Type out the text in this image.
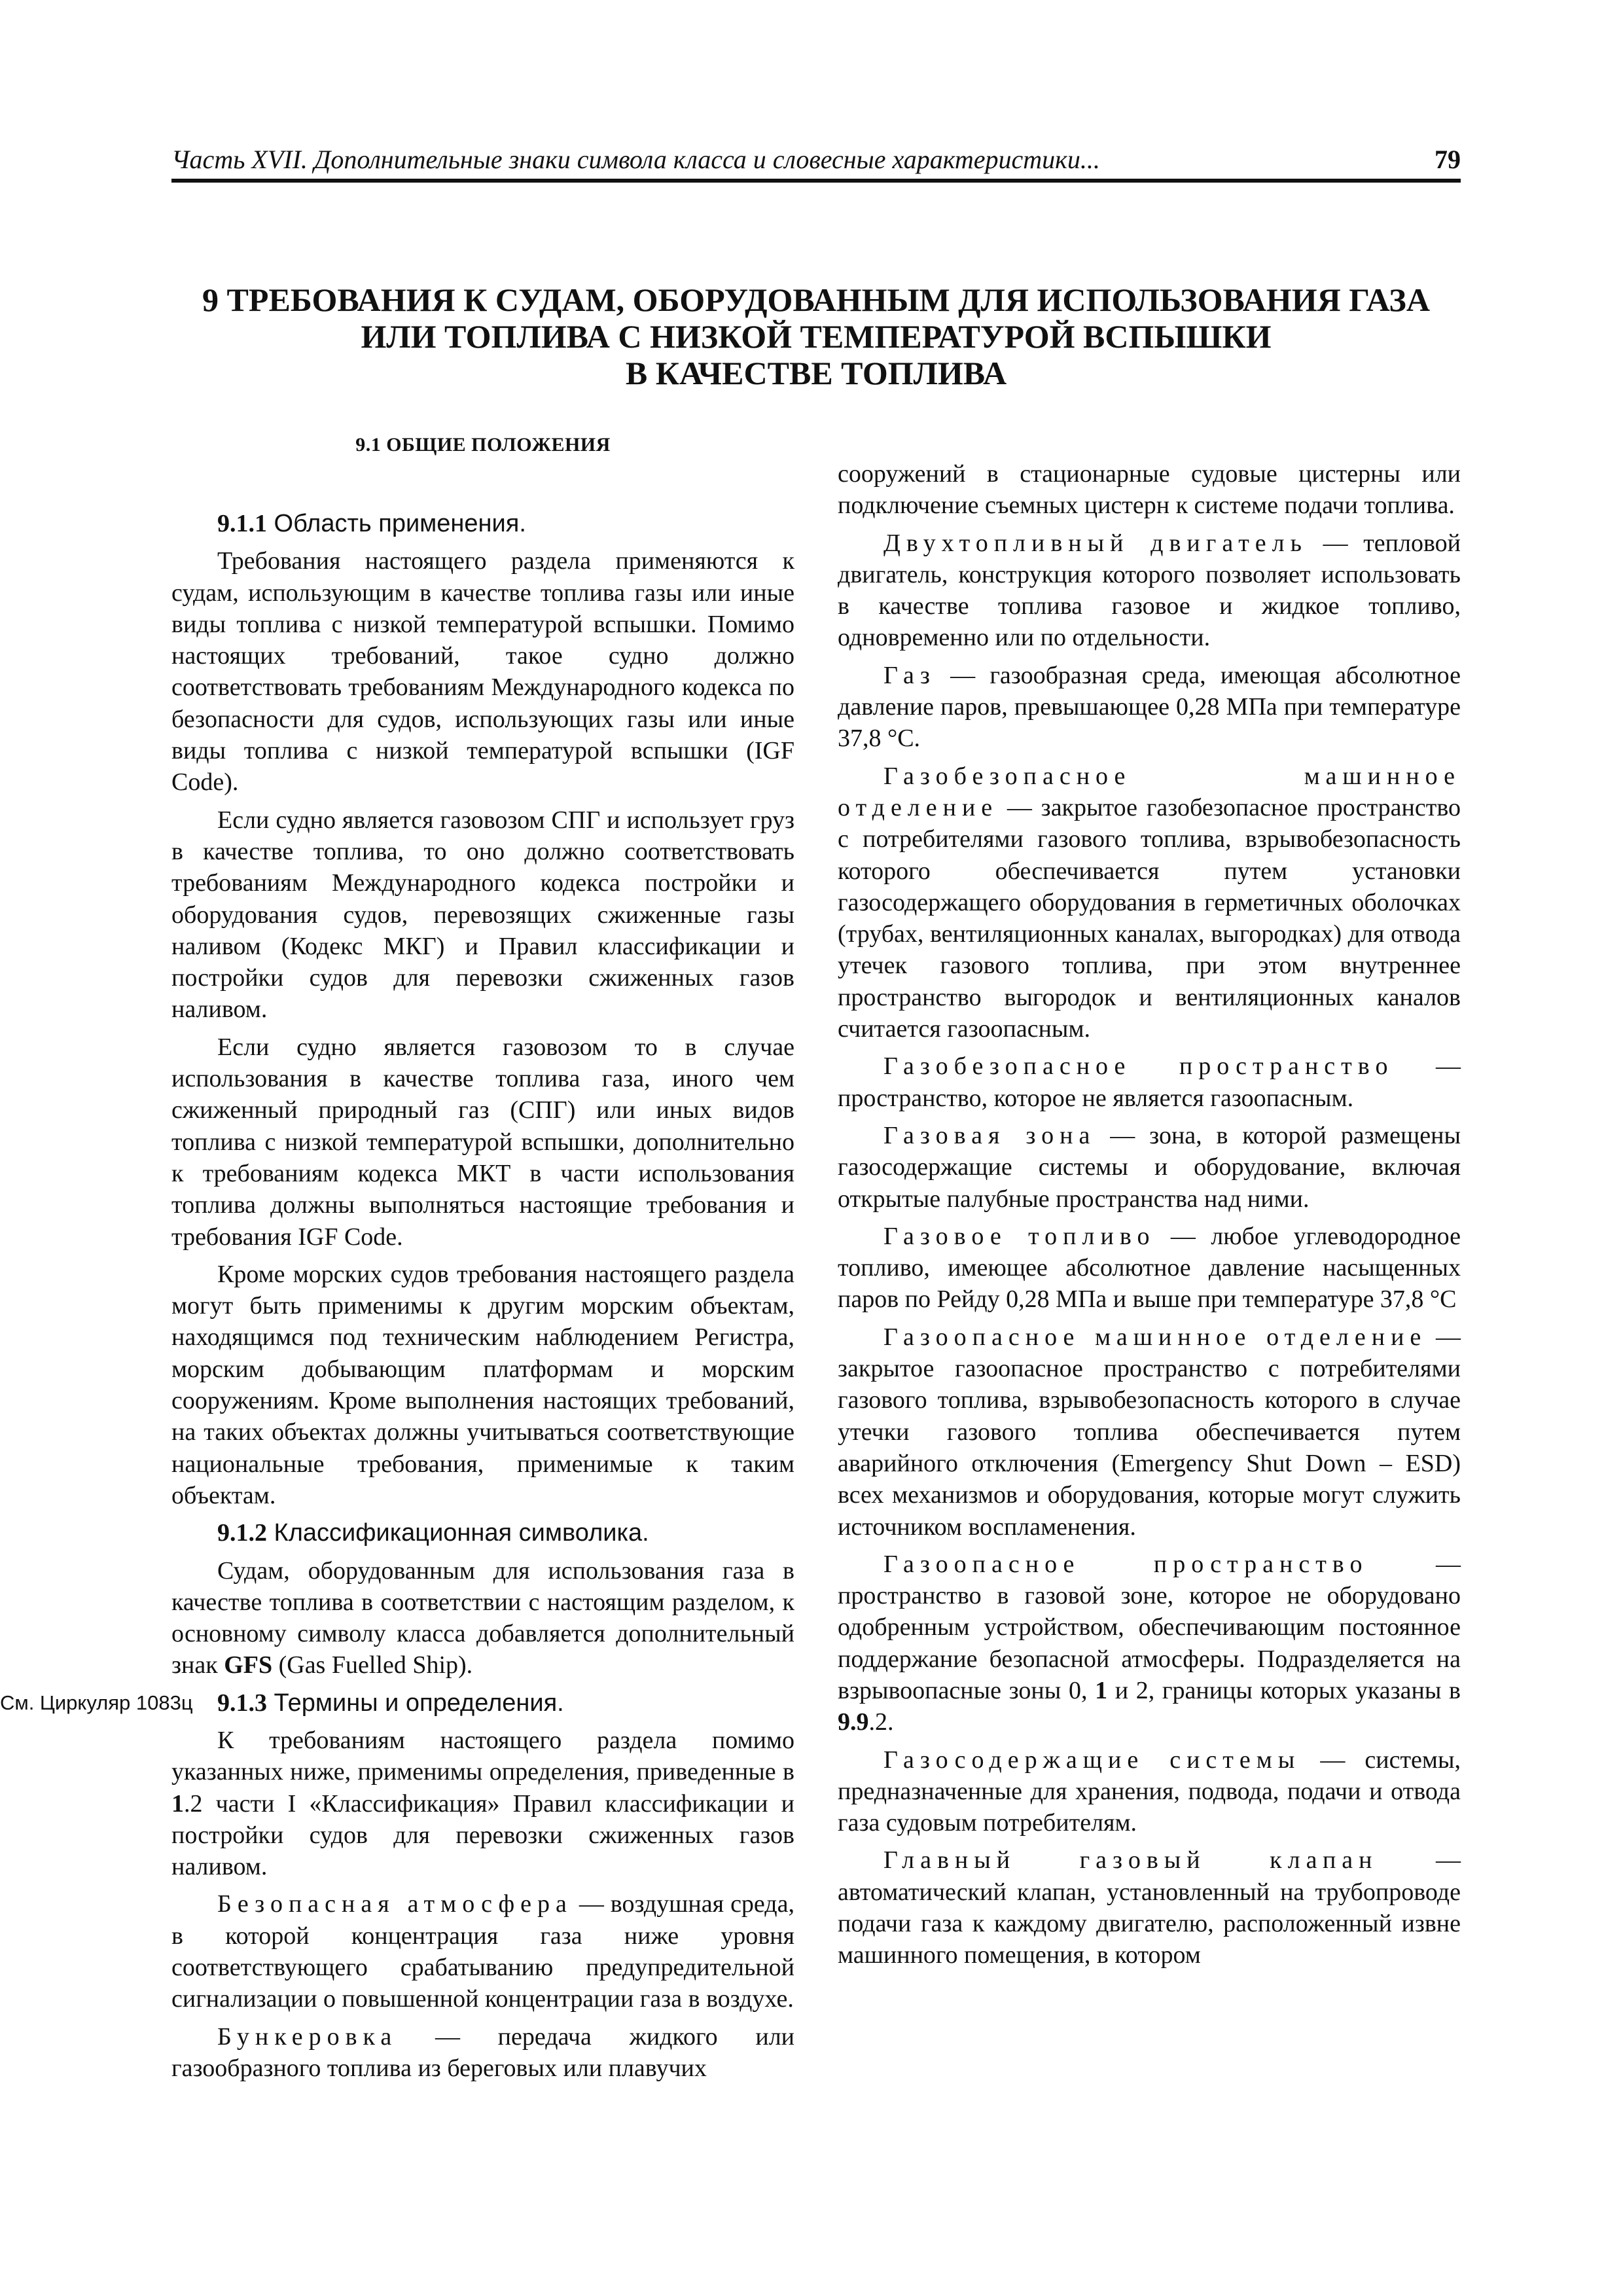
Часть XVII. Дополнительные знаки символа класса и словесные характеристики...	79
9 ТРЕБОВАНИЯ К СУДАМ, ОБОРУДОВАННЫМ ДЛЯ ИСПОЛЬЗОВАНИЯ ГАЗА
ИЛИ ТОПЛИВА С НИЗКОЙ ТЕМПЕРАТУРОЙ ВСПЫШКИ
В КАЧЕСТВЕ ТОПЛИВА
9.1 ОБЩИЕ ПОЛОЖЕНИЯ

9.1.1 Область применения.

Требования настоящего раздела применяются к судам, использующим в качестве топлива газы или иные виды топлива с низкой температурой вспышки. Помимо настоящих требований, такое судно должно соответствовать требованиям Международного кодекса по безопасности для судов, использующих газы или иные виды топлива с низкой температурой вспышки (IGF Code).

Если судно является газовозом СПГ и использует груз в качестве топлива, то оно должно соответствовать требованиям Международного кодекса постройки и оборудования судов, перевозящих сжиженные газы наливом (Кодекс МКГ) и Правил классификации и постройки судов для перевозки сжиженных газов наливом.

Если судно является газовозом то в случае использования в качестве топлива газа, иного чем сжиженный природный газ (СПГ) или иных видов топлива с низкой температурой вспышки, дополнительно к требованиям кодекса МКТ в части использования топлива должны выполняться настоящие требования и требования IGF Code.

Кроме морских судов требования настоящего раздела могут быть применимы к другим морским объектам, находящимся под техническим наблюдением Регистра, морским добывающим платформам и морским сооружениям. Кроме выполнения настоящих требований, на таких объектах должны учитываться соответствующие национальные требования, применимые к таким объектам.

9.1.2 Классификационная символика.

Судам, оборудованным для использования газа в качестве топлива в соответствии с настоящим разделом, к основному символу класса добавляется дополнительный знак GFS (Gas Fuelled Ship).

См. Циркуляр 1083ц 9.1.3 Термины и определения.

К требованиям настоящего раздела помимо указанных ниже, применимы определения, приведенные в 1.2 части I «Классификация» Правил классификации и постройки судов для перевозки сжиженных газов наливом.

Безопасная атмосфера — воздушная среда, в которой концентрация газа ниже уровня соответствующего срабатыванию предупредительной сигнализации о повышенной концентрации газа в воздухе.

Бункеровка — передача жидкого или газообразного топлива из береговых или плавучих

сооружений в стационарные судовые цистерны или подключение съемных цистерн к системе подачи топлива.

Двухтопливный двигатель — тепловой двигатель, конструкция которого позволяет использовать в качестве топлива газовое и жидкое топливо, одновременно или по отдельности.

Газ — газообразная среда, имеющая абсолютное давление паров, превышающее 0,28 МПа при температуре 37,8 °С.

Газобезопасное машинное отделение — закрытое газобезопасное пространство с потребителями газового топлива, взрывобезопасность которого обеспечивается путем установки газосодержащего оборудования в герметичных оболочках (трубах, вентиляционных каналах, выгородках) для отвода утечек газового топлива, при этом внутреннее пространство выгородок и вентиляционных каналов считается газоопасным.

Газобезопасное пространство — пространство, которое не является газоопасным.

Газовая зона — зона, в которой размещены газосодержащие системы и оборудование, включая открытые палубные пространства над ними.

Газовое топливо — любое углеводородное топливо, имеющее абсолютное давление насыщенных паров по Рейду 0,28 МПа и выше при температуре 37,8 °С

Газоопасное машинное отделение — закрытое газоопасное пространство с потребителями газового топлива, взрывобезопасность которого в случае утечки газового топлива обеспечивается путем аварийного отключения (Emergency Shut Down – ESD) всех механизмов и оборудования, которые могут служить источником воспламенения.

Газоопасное пространство — пространство в газовой зоне, которое не оборудовано одобренным устройством, обеспечивающим постоянное поддержание безопасной атмосферы. Подразделяется на взрывоопасные зоны 0, 1 и 2, границы которых указаны в 9.9.2.

Газосодержащие системы — системы, предназначенные для хранения, подвода, подачи и отвода газа судовым потребителям.

Главный газовый клапан — автоматический клапан, установленный на трубопроводе подачи газа к каждому двигателю, расположенный извне машинного помещения, в котором
